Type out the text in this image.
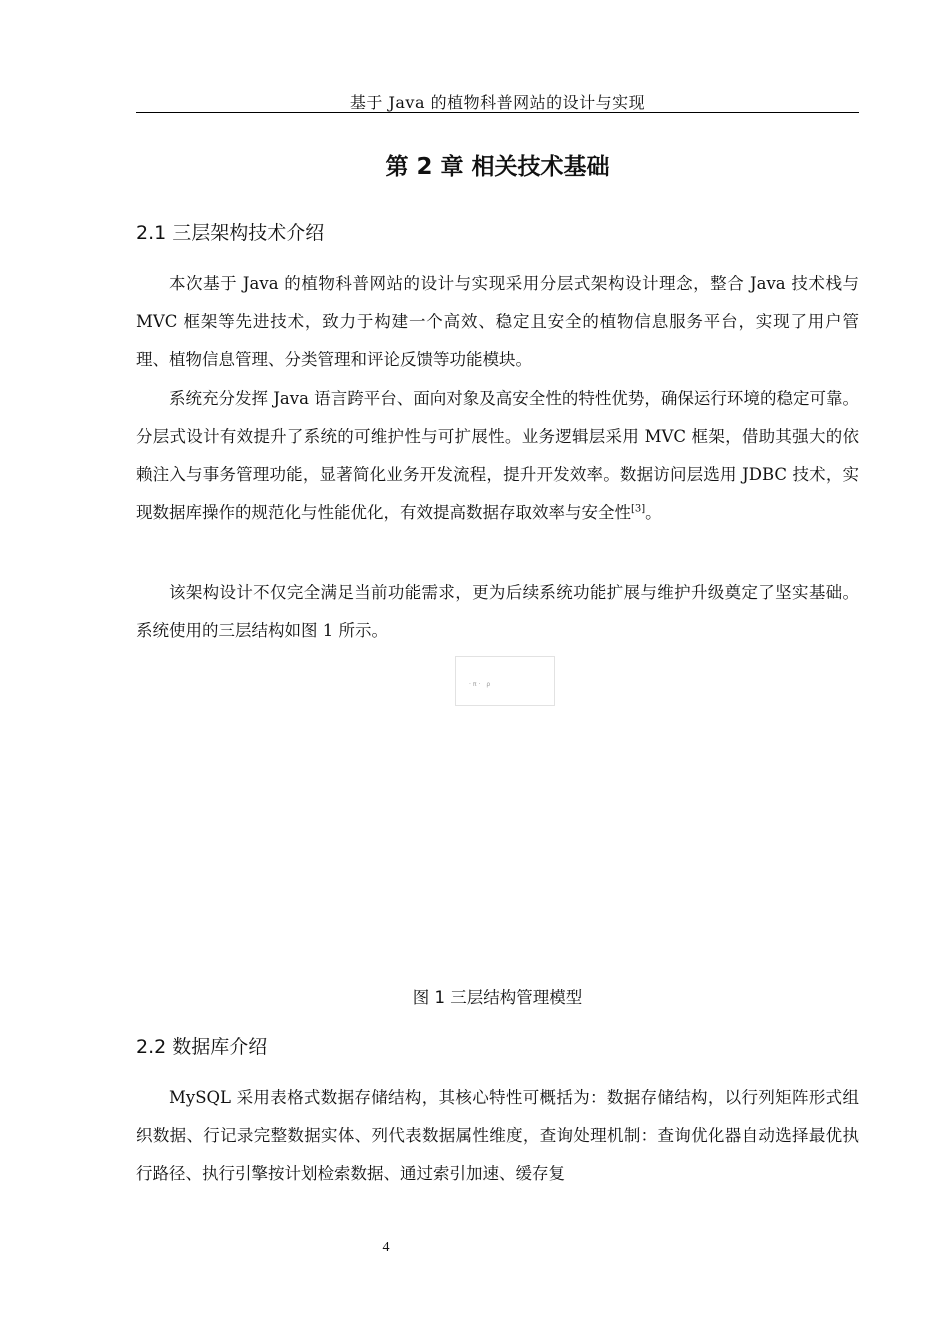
基于 Java 的植物科普网站的设计与实现
第 2 章 相关技术基础
2.1 三层架构技术介绍

本次基于 Java 的植物科普网站的设计与实现采用分层式架构设计理念，整合 Java 技术栈与 MVC 框架等先进技术，致力于构建一个高效、稳定且安全的植物信息服务平台，实现了用户管理、植物信息管理、分类管理和评论反馈等功能模块。

系统充分发挥 Java 语言跨平台、面向对象及高安全性的特性优势，确保运行环境的稳定可靠。分层式设计有效提升了系统的可维护性与可扩展性。业务逻辑层采用 MVC 框架，借助其强大的依赖注入与事务管理功能，显著简化业务开发流程，提升开发效率。数据访问层选用 JDBC 技术，实现数据库操作的规范化与性能优化，有效提高数据存取效率与安全性[3]。

该架构设计不仅完全满足当前功能需求，更为后续系统功能扩展与维护升级奠定了坚实基础。系统使用的三层结构如图 1 所示。

·π· ρ
图 1 三层结构管理模型
2.2 数据库介绍

MySQL 采用表格式数据存储结构，其核心特性可概括为：数据存储结构，以行列矩阵形式组织数据、行记录完整数据实体、列代表数据属性维度，查询处理机制：查询优化器自动选择最优执行路径、执行引擎按计划检索数据、通过索引加速、缓存复

4
